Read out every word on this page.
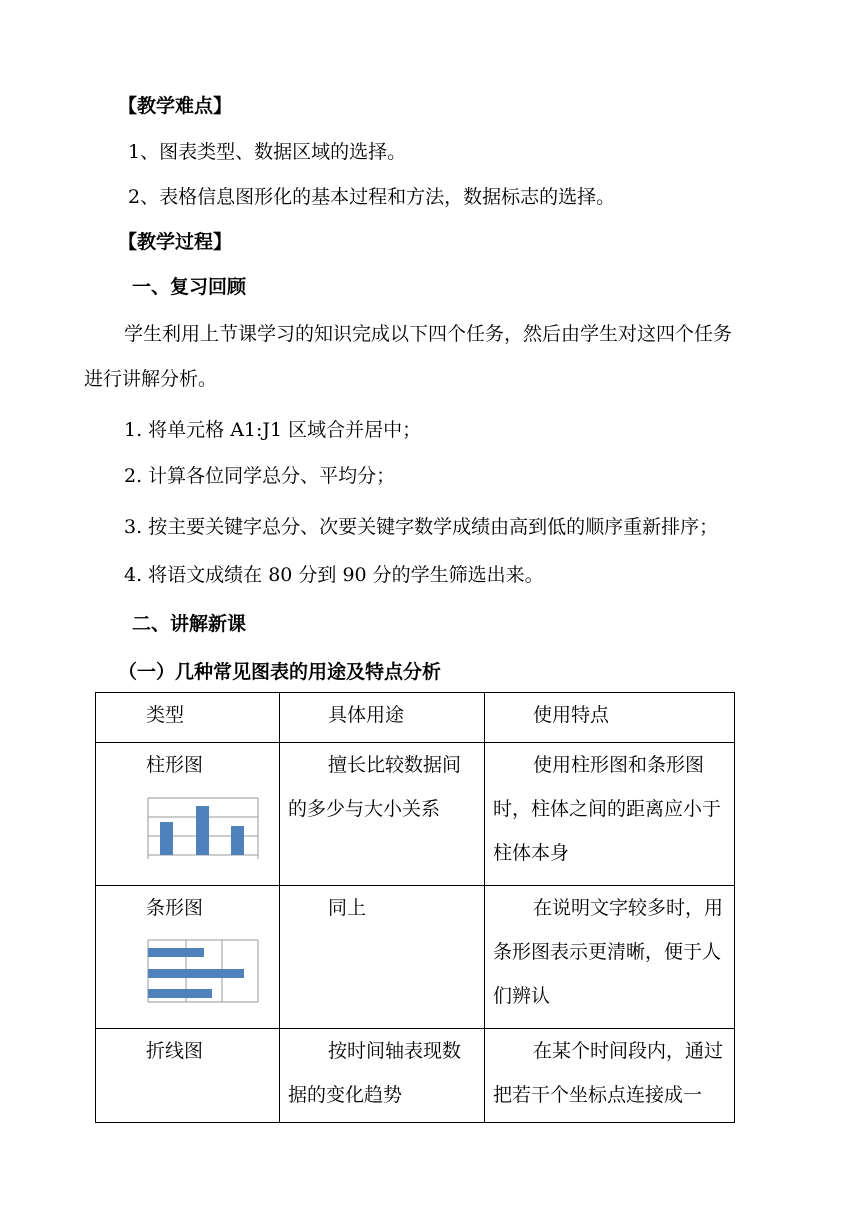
【教学难点】
1、图表类型、数据区域的选择。
2、表格信息图形化的基本过程和方法，数据标志的选择。
【教学过程】
一、复习回顾
学生利用上节课学习的知识完成以下四个任务，然后由学生对这四个任务
进行讲解分析。
1. 将单元格 A1:J1 区域合并居中；
2. 计算各位同学总分、平均分；
3. 按主要关键字总分、次要关键字数学成绩由高到低的顺序重新排序；
4. 将语文成绩在 80 分到 90 分的学生筛选出来。
二、讲解新课
（一）几种常见图表的用途及特点分析
类型	具体用途	使用特点

柱形图	擅长比较数据间的多少与大小关系	使用柱形图和条形图时，柱体之间的距离应小于柱体本身

条形图	同上	在说明文字较多时，用条形图表示更清晰，便于人们辨认

折线图	按时间轴表现数据的变化趋势	在某个时间段内，通过把若干个坐标点连接成一
